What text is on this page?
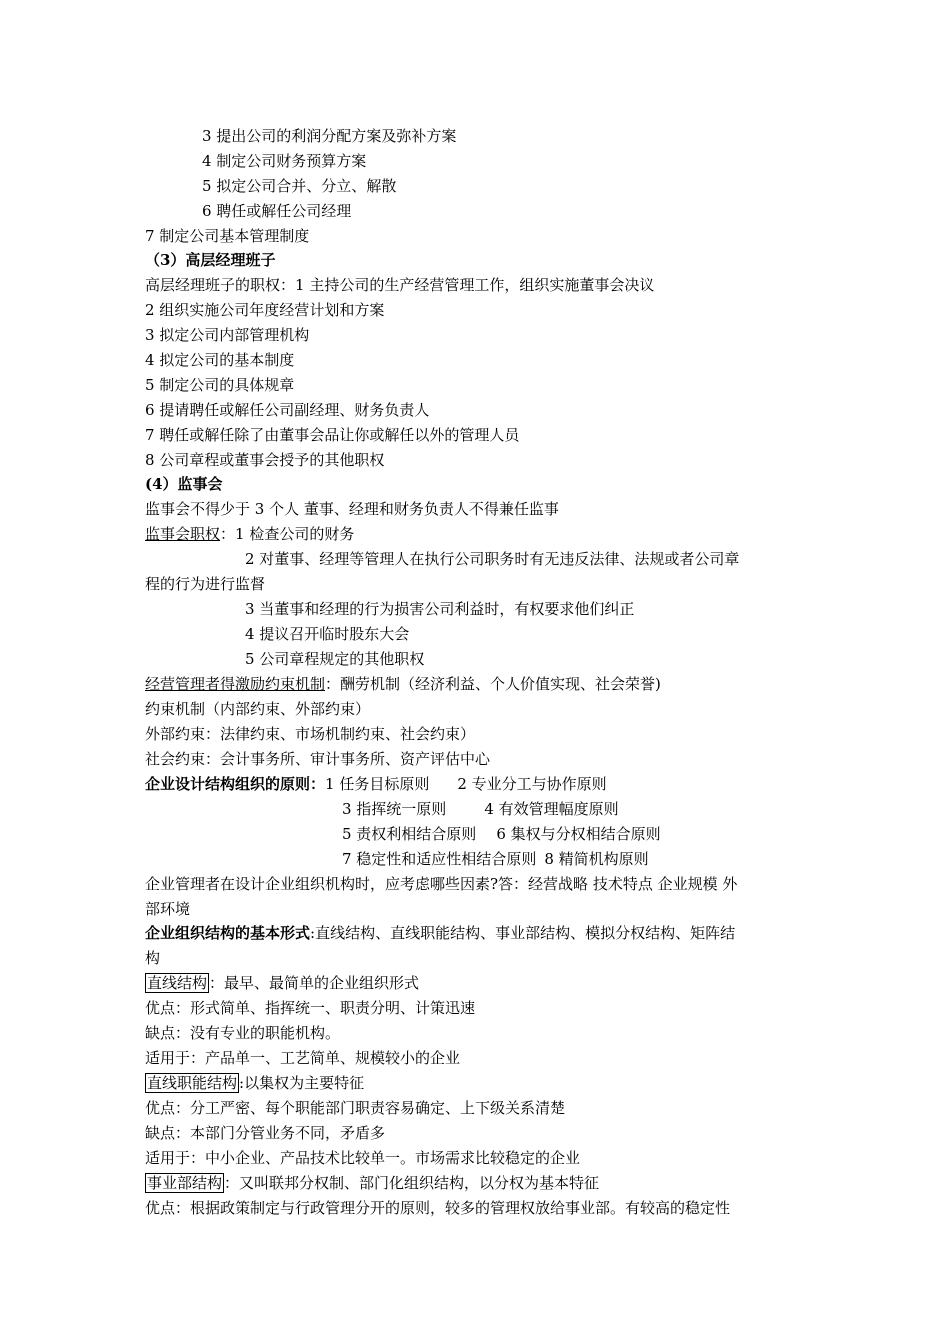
3 提出公司的利润分配方案及弥补方案
4 制定公司财务预算方案
5 拟定公司合并、分立、解散
6 聘任或解任公司经理
7 制定公司基本管理制度
（3）高层经理班子
高层经理班子的职权：1 主持公司的生产经营管理工作，组织实施董事会决议
2 组织实施公司年度经营计划和方案
3 拟定公司内部管理机构
4 拟定公司的基本制度
5 制定公司的具体规章
6 提请聘任或解任公司副经理、财务负责人
7 聘任或解任除了由董事会品让你或解任以外的管理人员
8 公司章程或董事会授予的其他职权
(4）监事会
监事会不得少于 3 个人 董事、经理和财务负责人不得兼任监事
监事会职权：1 检查公司的财务
2 对董事、经理等管理人在执行公司职务时有无违反法律、法规或者公司章
程的行为进行监督
3 当董事和经理的行为损害公司利益时，有权要求他们纠正
4 提议召开临时股东大会
5 公司章程规定的其他职权
经营管理者得激励约束机制：酬劳机制（经济利益、个人价值实现、社会荣誉)
约束机制（内部约束、外部约束）
外部约束：法律约束、市场机制约束、社会约束）
社会约束：会计事务所、审计事务所、资产评估中心
企业设计结构组织的原则：1 任务目标原则 2 专业分工与协作原则
3 指挥统一原则	4 有效管理幅度原则
5 责权利相结合原则 6 集权与分权相结合原则
7 稳定性和适应性相结合原则 8 精简机构原则
企业管理者在设计企业组织机构时，应考虑哪些因素?答：经营战略 技术特点 企业规模 外
部环境
企业组织结构的基本形式:直线结构、直线职能结构、事业部结构、模拟分权结构、矩阵结
构
直线结构 ：最早、最简单的企业组织形式
优点：形式简单、指挥统一、职责分明、计策迅速
缺点：没有专业的职能机构。
适用于：产品单一、工艺简单、规模较小的企业
直线职能结构 :以集权为主要特征
优点：分工严密、每个职能部门职责容易确定、上下级关系清楚
缺点：本部门分管业务不同，矛盾多
适用于：中小企业、产品技术比较单一。市场需求比较稳定的企业
事业部结构 ：又叫联邦分权制、部门化组织结构，以分权为基本特征
优点：根据政策制定与行政管理分开的原则，较多的管理权放给事业部。有较高的稳定性
